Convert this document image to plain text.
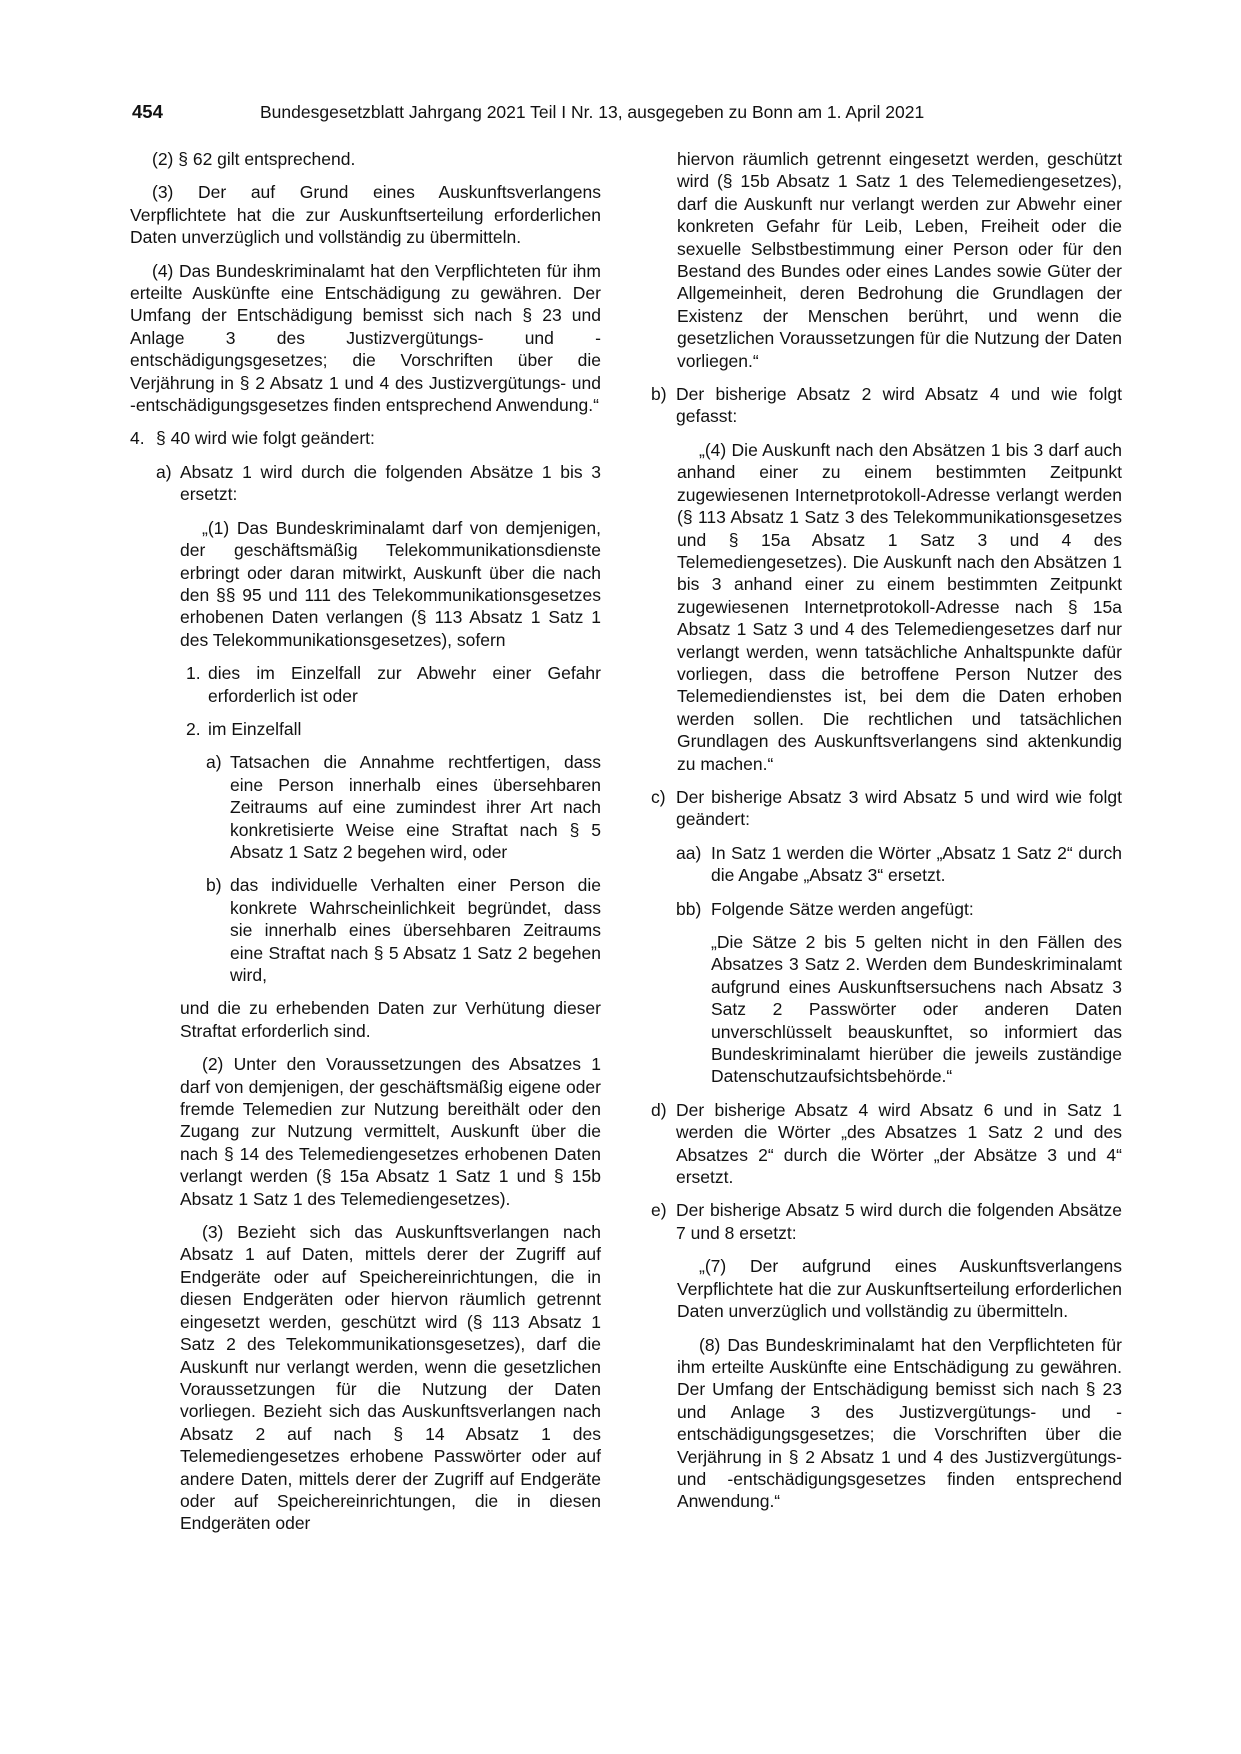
454	Bundesgesetzblatt Jahrgang 2021 Teil I Nr. 13, ausgegeben zu Bonn am 1. April 2021

(2) § 62 gilt entsprechend.

(3) Der auf Grund eines Auskunftsverlangens Verpflichtete hat die zur Auskunftserteilung erforderlichen Daten unverzüglich und vollständig zu übermitteln.

(4) Das Bundeskriminalamt hat den Verpflichteten für ihm erteilte Auskünfte eine Entschädigung zu gewähren. Der Umfang der Entschädigung bemisst sich nach § 23 und Anlage 3 des Justizvergütungs- und -entschädigungsgesetzes; die Vorschriften über die Verjährung in § 2 Absatz 1 und 4 des Justizvergütungs- und -entschädigungsgesetzes finden entsprechend Anwendung.“

4. § 40 wird wie folgt geändert:
a) Absatz 1 wird durch die folgenden Absätze 1 bis 3 ersetzt:

„(1) Das Bundeskriminalamt darf von demjenigen, der geschäftsmäßig Telekommunikationsdienste erbringt oder daran mitwirkt, Auskunft über die nach den §§ 95 und 111 des Telekommunikationsgesetzes erhobenen Daten verlangen (§ 113 Absatz 1 Satz 1 des Telekommunikationsgesetzes), sofern

1. dies im Einzelfall zur Abwehr einer Gefahr erforderlich ist oder
2. im Einzelfall
a) Tatsachen die Annahme rechtfertigen, dass eine Person innerhalb eines übersehbaren Zeitraums auf eine zumindest ihrer Art nach konkretisierte Weise eine Straftat nach § 5 Absatz 1 Satz 2 begehen wird, oder
b) das individuelle Verhalten einer Person die konkrete Wahrscheinlichkeit begründet, dass sie innerhalb eines übersehbaren Zeitraums eine Straftat nach § 5 Absatz 1 Satz 2 begehen wird,

und die zu erhebenden Daten zur Verhütung dieser Straftat erforderlich sind.

(2) Unter den Voraussetzungen des Absatzes 1 darf von demjenigen, der geschäftsmäßig eigene oder fremde Telemedien zur Nutzung bereithält oder den Zugang zur Nutzung vermittelt, Auskunft über die nach § 14 des Telemediengesetzes erhobenen Daten verlangt werden (§ 15a Absatz 1 Satz 1 und § 15b Absatz 1 Satz 1 des Telemediengesetzes).

(3) Bezieht sich das Auskunftsverlangen nach Absatz 1 auf Daten, mittels derer der Zugriff auf Endgeräte oder auf Speichereinrichtungen, die in diesen Endgeräten oder hiervon räumlich getrennt eingesetzt werden, geschützt wird (§ 113 Absatz 1 Satz 2 des Telekommunikationsgesetzes), darf die Auskunft nur verlangt werden, wenn die gesetzlichen Voraussetzungen für die Nutzung der Daten vorliegen. Bezieht sich das Auskunftsverlangen nach Absatz 2 auf nach § 14 Absatz 1 des Telemediengesetzes erhobene Passwörter oder auf andere Daten, mittels derer der Zugriff auf Endgeräte oder auf Speichereinrichtungen, die in diesen Endgeräten oder

hiervon räumlich getrennt eingesetzt werden, geschützt wird (§ 15b Absatz 1 Satz 1 des Telemediengesetzes), darf die Auskunft nur verlangt werden zur Abwehr einer konkreten Gefahr für Leib, Leben, Freiheit oder die sexuelle Selbstbestimmung einer Person oder für den Bestand des Bundes oder eines Landes sowie Güter der Allgemeinheit, deren Bedrohung die Grundlagen der Existenz der Menschen berührt, und wenn die gesetzlichen Voraussetzungen für die Nutzung der Daten vorliegen.“

b) Der bisherige Absatz 2 wird Absatz 4 und wie folgt gefasst:

„(4) Die Auskunft nach den Absätzen 1 bis 3 darf auch anhand einer zu einem bestimmten Zeitpunkt zugewiesenen Internetprotokoll-Adresse verlangt werden (§ 113 Absatz 1 Satz 3 des Telekommunikationsgesetzes und § 15a Absatz 1 Satz 3 und 4 des Telemediengesetzes). Die Auskunft nach den Absätzen 1 bis 3 anhand einer zu einem bestimmten Zeitpunkt zugewiesenen Internetprotokoll-Adresse nach § 15a Absatz 1 Satz 3 und 4 des Telemediengesetzes darf nur verlangt werden, wenn tatsächliche Anhaltspunkte dafür vorliegen, dass die betroffene Person Nutzer des Telemediendienstes ist, bei dem die Daten erhoben werden sollen. Die rechtlichen und tatsächlichen Grundlagen des Auskunftsverlangens sind aktenkundig zu machen.“

c) Der bisherige Absatz 3 wird Absatz 5 und wird wie folgt geändert:
aa) In Satz 1 werden die Wörter „Absatz 1 Satz 2“ durch die Angabe „Absatz 3“ ersetzt.
bb) Folgende Sätze werden angefügt:

„Die Sätze 2 bis 5 gelten nicht in den Fällen des Absatzes 3 Satz 2. Werden dem Bundeskriminalamt aufgrund eines Auskunftsersuchens nach Absatz 3 Satz 2 Passwörter oder anderen Daten unverschlüsselt beauskunftet, so informiert das Bundeskriminalamt hierüber die jeweils zuständige Datenschutzaufsichtsbehörde.“

d) Der bisherige Absatz 4 wird Absatz 6 und in Satz 1 werden die Wörter „des Absatzes 1 Satz 2 und des Absatzes 2“ durch die Wörter „der Absätze 3 und 4“ ersetzt.
e) Der bisherige Absatz 5 wird durch die folgenden Absätze 7 und 8 ersetzt:

„(7) Der aufgrund eines Auskunftsverlangens Verpflichtete hat die zur Auskunftserteilung erforderlichen Daten unverzüglich und vollständig zu übermitteln.

(8) Das Bundeskriminalamt hat den Verpflichteten für ihm erteilte Auskünfte eine Entschädigung zu gewähren. Der Umfang der Entschädigung bemisst sich nach § 23 und Anlage 3 des Justizvergütungs- und -entschädigungsgesetzes; die Vorschriften über die Verjährung in § 2 Absatz 1 und 4 des Justizvergütungs- und -entschädigungsgesetzes finden entsprechend Anwendung.“
